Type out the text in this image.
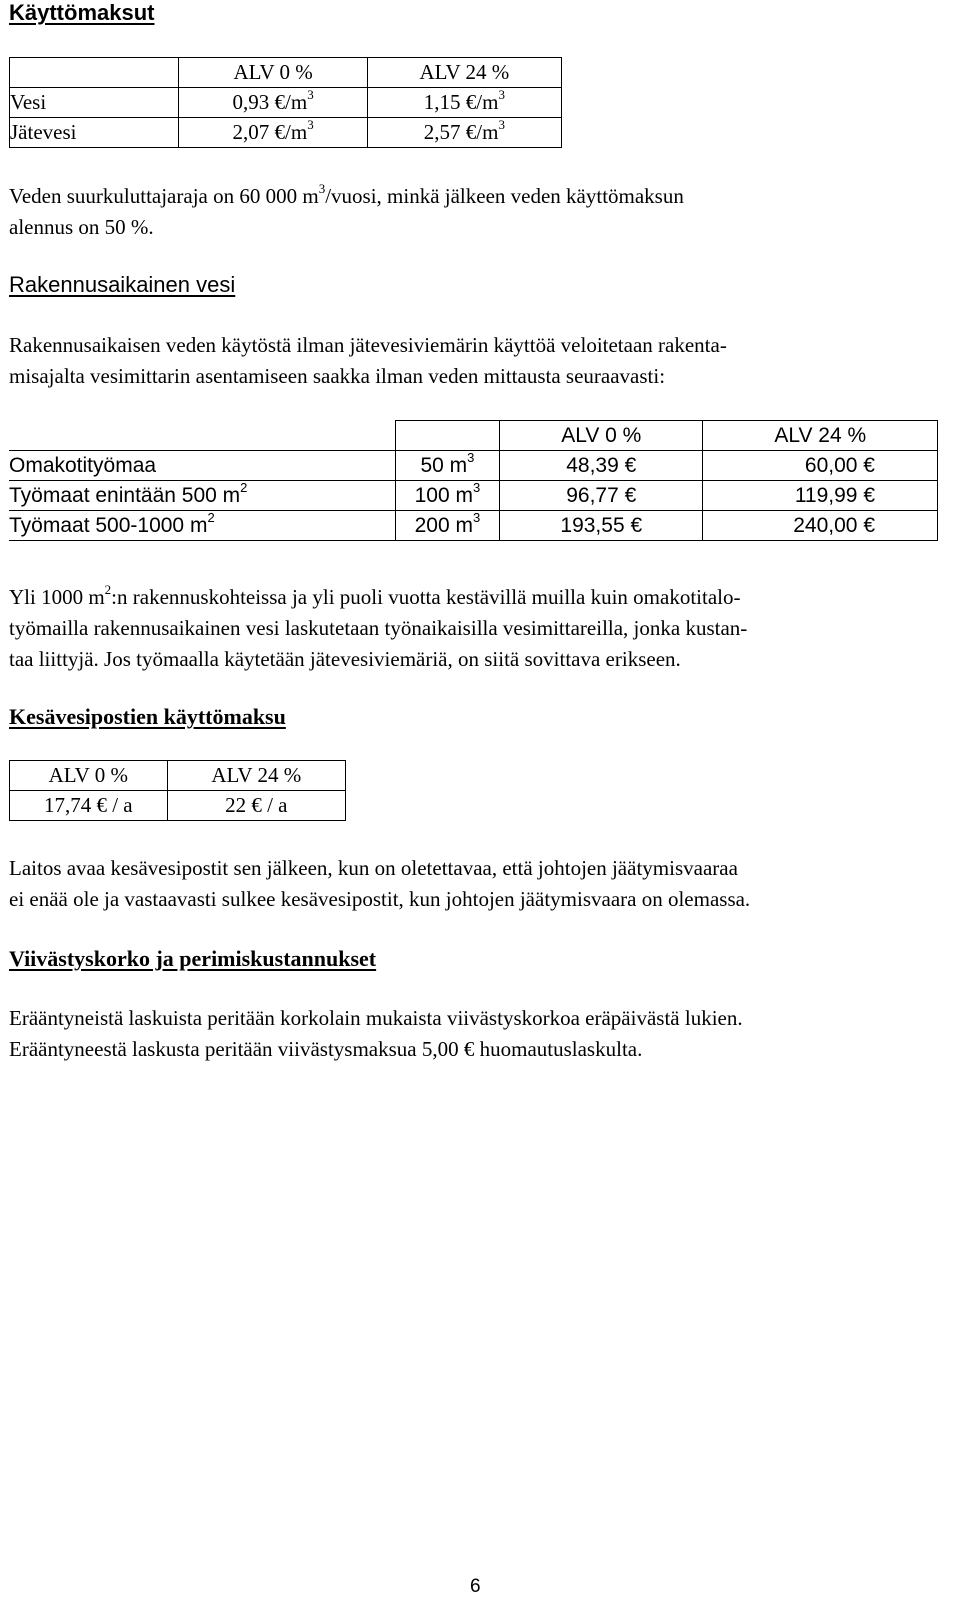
Käyttömaksut
	ALV 0 %	ALV 24 %
Vesi	0,93 $€/m^3$	1,15 $€/m^3$
Jätevesi	2,07 $€/m^3$	2,57 $€/m^3$

Veden suurkuluttajaraja on 60 000 $m^3$/vuosi, minkä jälkeen veden käyttömaksun
alennus on 50 %.

Rakennusaikainen vesi

Rakennusaikaisen veden käytöstä ilman jätevesiviemärin käyttöä veloitetaan rakenta-
misajalta vesimittarin asentamiseen saakka ilman veden mittausta seuraavasti:

		ALV 0 %	ALV 24 %
Omakotityömaa	50 $m^3$	48,39 €	60,00 €
Työmaat enintään 500 $m^2$	100 $m^3$	96,77 €	119,99 €
Työmaat 500-1000 $m^2$	200 $m^3$	193,55 €	240,00 €

Yli 1000 $m^2:n$ rakennuskohteissa ja yli puoli vuotta kestävillä muilla kuin omakotitalo-
työmailla rakennusaikainen vesi laskutetaan työnaikaisilla vesimittareilla, jonka kustan-
taa liittyjä. Jos työmaalla käytetään jätevesiviemäriä, on siitä sovittava erikseen.

Kesävesipostien käyttömaksu
ALV 0 %	ALV 24 %
17,74 € / a	22 € / a

Laitos avaa kesävesipostit sen jälkeen, kun on oletettavaa, että johtojen jäätymisvaaraa
ei enää ole ja vastaavasti sulkee kesävesipostit, kun johtojen jäätymisvaara on olemassa.

Viivästyskorko ja perimiskustannukset

Erääntyneistä laskuista peritään korkolain mukaista viivästyskorkoa eräpäivästä lukien.
Erääntyneestä laskusta peritään viivästysmaksua 5,00 € huomautuslaskulta.

6
